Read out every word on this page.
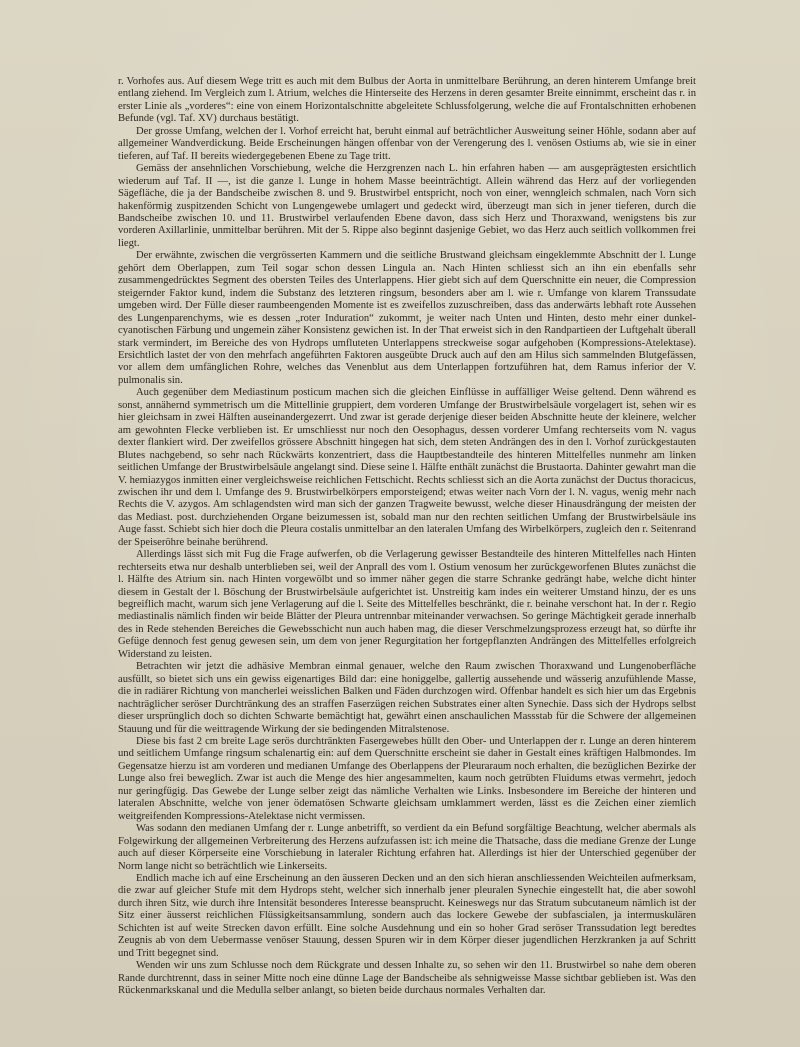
r. Vorhofes aus. Auf diesem Wege tritt es auch mit dem Bulbus der Aorta in unmittelbare Berührung, an deren hinterem Umfange breit entlang ziehend. Im Vergleich zum l. Atrium, welches die Hinterseite des Herzens in deren gesamter Breite einnimmt, erscheint das r. in erster Linie als „vorderes“: eine von einem Horizontalschnitte abgeleitete Schlussfolgerung, welche die auf Frontalschnitten erhobenen Befunde (vgl. Taf. XV) durchaus bestätigt.

Der grosse Umfang, welchen der l. Vorhof erreicht hat, beruht einmal auf beträchtlicher Ausweitung seiner Höhle, sodann aber auf allgemeiner Wandverdickung. Beide Erscheinungen hängen offenbar von der Verengerung des l. venösen Ostiums ab, wie sie in einer tieferen, auf Taf. II bereits wiedergegebenen Ebene zu Tage tritt.

Gemäss der ansehnlichen Vorschiebung, welche die Herzgrenzen nach L. hin erfahren haben — am ausgeprägtesten ersichtlich wiederum auf Taf. II —, ist die ganze l. Lunge in hohem Masse beeinträchtigt. Allein während das Herz auf der vorliegenden Sägefläche, die ja der Bandscheibe zwischen 8. und 9. Brustwirbel entspricht, noch von einer, wenngleich schmalen, nach Vorn sich hakenförmig zuspitzenden Schicht von Lungengewebe umlagert und gedeckt wird, überzeugt man sich in jener tieferen, durch die Bandscheibe zwischen 10. und 11. Brustwirbel verlaufenden Ebene davon, dass sich Herz und Thoraxwand, wenigstens bis zur vorderen Axillarlinie, unmittelbar berühren. Mit der 5. Rippe also beginnt dasjenige Gebiet, wo das Herz auch seitlich vollkommen frei liegt.

Der erwähnte, zwischen die vergrösserten Kammern und die seitliche Brustwand gleichsam eingeklemmte Abschnitt der l. Lunge gehört dem Oberlappen, zum Teil sogar schon dessen Lingula an. Nach Hinten schliesst sich an ihn ein ebenfalls sehr zusammengedrücktes Segment des obersten Teiles des Unterlappens. Hier giebt sich auf dem Querschnitte ein neuer, die Compression steigernder Faktor kund, indem die Substanz des letzteren ringsum, besonders aber am l. wie r. Umfange von klarem Transsudate umgeben wird. Der Fülle dieser raumbeengenden Momente ist es zweifellos zuzuschreiben, dass das anderwärts lebhaft rote Aussehen des Lungenparenchyms, wie es dessen „roter Induration“ zukommt, je weiter nach Unten und Hinten, desto mehr einer dunkel-cyanotischen Färbung und ungemein zäher Konsistenz gewichen ist. In der That erweist sich in den Randpartieen der Luftgehalt überall stark vermindert, im Bereiche des von Hydrops umfluteten Unterlappens streckweise sogar aufgehoben (Kompressions-Atelektase). Ersichtlich lastet der von den mehrfach angeführten Faktoren ausgeübte Druck auch auf den am Hilus sich sammelnden Blutgefässen, vor allem dem umfänglichen Rohre, welches das Venenblut aus dem Unterlappen fortzuführen hat, dem Ramus inferior der V. pulmonalis sin.

Auch gegenüber dem Mediastinum posticum machen sich die gleichen Einflüsse in auffälliger Weise geltend. Denn während es sonst, annähernd symmetrisch um die Mittellinie gruppiert, dem vorderen Umfange der Brustwirbelsäule vorgelagert ist, sehen wir es hier gleichsam in zwei Hälften auseinandergezerrt. Und zwar ist gerade derjenige dieser beiden Abschnitte heute der kleinere, welcher am gewohnten Flecke verblieben ist. Er umschliesst nur noch den Oesophagus, dessen vorderer Umfang rechterseits vom N. vagus dexter flankiert wird. Der zweifellos grössere Abschnitt hingegen hat sich, dem steten Andrängen des in den l. Vorhof zurückgestauten Blutes nachgebend, so sehr nach Rückwärts konzentriert, dass die Hauptbestandteile des hinteren Mittelfelles nunmehr am linken seitlichen Umfange der Brustwirbelsäule angelangt sind. Diese seine l. Hälfte enthält zunächst die Brustaorta. Dahinter gewahrt man die V. hemiazygos inmitten einer vergleichsweise reichlichen Fettschicht. Rechts schliesst sich an die Aorta zunächst der Ductus thoracicus, zwischen ihr und dem l. Umfange des 9. Brustwirbelkörpers emporsteigend; etwas weiter nach Vorn der l. N. vagus, wenig mehr nach Rechts die V. azygos. Am schlagendsten wird man sich der ganzen Tragweite bewusst, welche dieser Hinausdrängung der meisten der das Mediast. post. durchziehenden Organe beizumessen ist, sobald man nur den rechten seitlichen Umfang der Brustwirbelsäule ins Auge fasst. Schiebt sich hier doch die Pleura costalis unmittelbar an den lateralen Umfang des Wirbelkörpers, zugleich den r. Seitenrand der Speiseröhre beinahe berührend.

Allerdings lässt sich mit Fug die Frage aufwerfen, ob die Verlagerung gewisser Bestandteile des hinteren Mittelfelles nach Hinten rechterseits etwa nur deshalb unterblieben sei, weil der Anprall des vom l. Ostium venosum her zurückgeworfenen Blutes zunächst die l. Hälfte des Atrium sin. nach Hinten vorgewölbt und so immer näher gegen die starre Schranke gedrängt habe, welche dicht hinter diesem in Gestalt der l. Böschung der Brustwirbelsäule aufgerichtet ist. Unstreitig kam indes ein weiterer Umstand hinzu, der es uns begreiflich macht, warum sich jene Verlagerung auf die l. Seite des Mittelfelles beschränkt, die r. beinahe verschont hat. In der r. Regio mediastinalis nämlich finden wir beide Blätter der Pleura untrennbar miteinander verwachsen. So geringe Mächtigkeit gerade innerhalb des in Rede stehenden Bereiches die Gewebsschicht nun auch haben mag, die dieser Verschmelzungsprozess erzeugt hat, so dürfte ihr Gefüge dennoch fest genug gewesen sein, um dem von jener Regurgitation her fortgepflanzten Andrängen des Mittelfelles erfolgreich Widerstand zu leisten.

Betrachten wir jetzt die adhäsive Membran einmal genauer, welche den Raum zwischen Thoraxwand und Lungenoberfläche ausfüllt, so bietet sich uns ein gewiss eigenartiges Bild dar: eine honiggelbe, gallertig aussehende und wässerig anzufühlende Masse, die in radiärer Richtung von mancherlei weisslichen Balken und Fäden durchzogen wird. Offenbar handelt es sich hier um das Ergebnis nachträglicher seröser Durchtränkung des an straffen Faserzügen reichen Substrates einer alten Synechie. Dass sich der Hydrops selbst dieser ursprünglich doch so dichten Schwarte bemächtigt hat, gewährt einen anschaulichen Massstab für die Schwere der allgemeinen Stauung und für die weittragende Wirkung der sie bedingenden Mitralstenose.

Diese bis fast 2 cm breite Lage serös durchtränkten Fasergewebes hüllt den Ober- und Unterlappen der r. Lunge an deren hinterem und seitlichem Umfange ringsum schalenartig ein: auf dem Querschnitte erscheint sie daher in Gestalt eines kräftigen Halbmondes. Im Gegensatze hierzu ist am vorderen und medianen Umfange des Oberlappens der Pleuraraum noch erhalten, die bezüglichen Bezirke der Lunge also frei beweglich. Zwar ist auch die Menge des hier angesammelten, kaum noch getrübten Fluidums etwas vermehrt, jedoch nur geringfügig. Das Gewebe der Lunge selber zeigt das nämliche Verhalten wie Links. Insbesondere im Bereiche der hinteren und lateralen Abschnitte, welche von jener ödematösen Schwarte gleichsam umklammert werden, lässt es die Zeichen einer ziemlich weitgreifenden Kompressions-Atelektase nicht vermissen.

Was sodann den medianen Umfang der r. Lunge anbetrifft, so verdient da ein Befund sorgfältige Beachtung, welcher abermals als Folgewirkung der allgemeinen Verbreiterung des Herzens aufzufassen ist: ich meine die Thatsache, dass die mediane Grenze der Lunge auch auf dieser Körperseite eine Vorschiebung in lateraler Richtung erfahren hat. Allerdings ist hier der Unterschied gegenüber der Norm lange nicht so beträchtlich wie Linkerseits.

Endlich mache ich auf eine Erscheinung an den äusseren Decken und an den sich hieran anschliessenden Weichteilen aufmerksam, die zwar auf gleicher Stufe mit dem Hydrops steht, welcher sich innerhalb jener pleuralen Synechie eingestellt hat, die aber sowohl durch ihren Sitz, wie durch ihre Intensität besonderes Interesse beansprucht. Keineswegs nur das Stratum subcutaneum nämlich ist der Sitz einer äusserst reichlichen Flüssigkeitsansammlung, sondern auch das lockere Gewebe der subfascialen, ja intermuskulären Schichten ist auf weite Strecken davon erfüllt. Eine solche Ausdehnung und ein so hoher Grad seröser Transsudation legt beredtes Zeugnis ab von dem Uebermasse venöser Stauung, dessen Spuren wir in dem Körper dieser jugendlichen Herzkranken ja auf Schritt und Tritt begegnet sind.

Wenden wir uns zum Schlusse noch dem Rückgrate und dessen Inhalte zu, so sehen wir den 11. Brustwirbel so nahe dem oberen Rande durchtrennt, dass in seiner Mitte noch eine dünne Lage der Bandscheibe als sehnigweisse Masse sichtbar geblieben ist. Was den Rückenmarkskanal und die Medulla selber anlangt, so bieten beide durchaus normales Verhalten dar.
